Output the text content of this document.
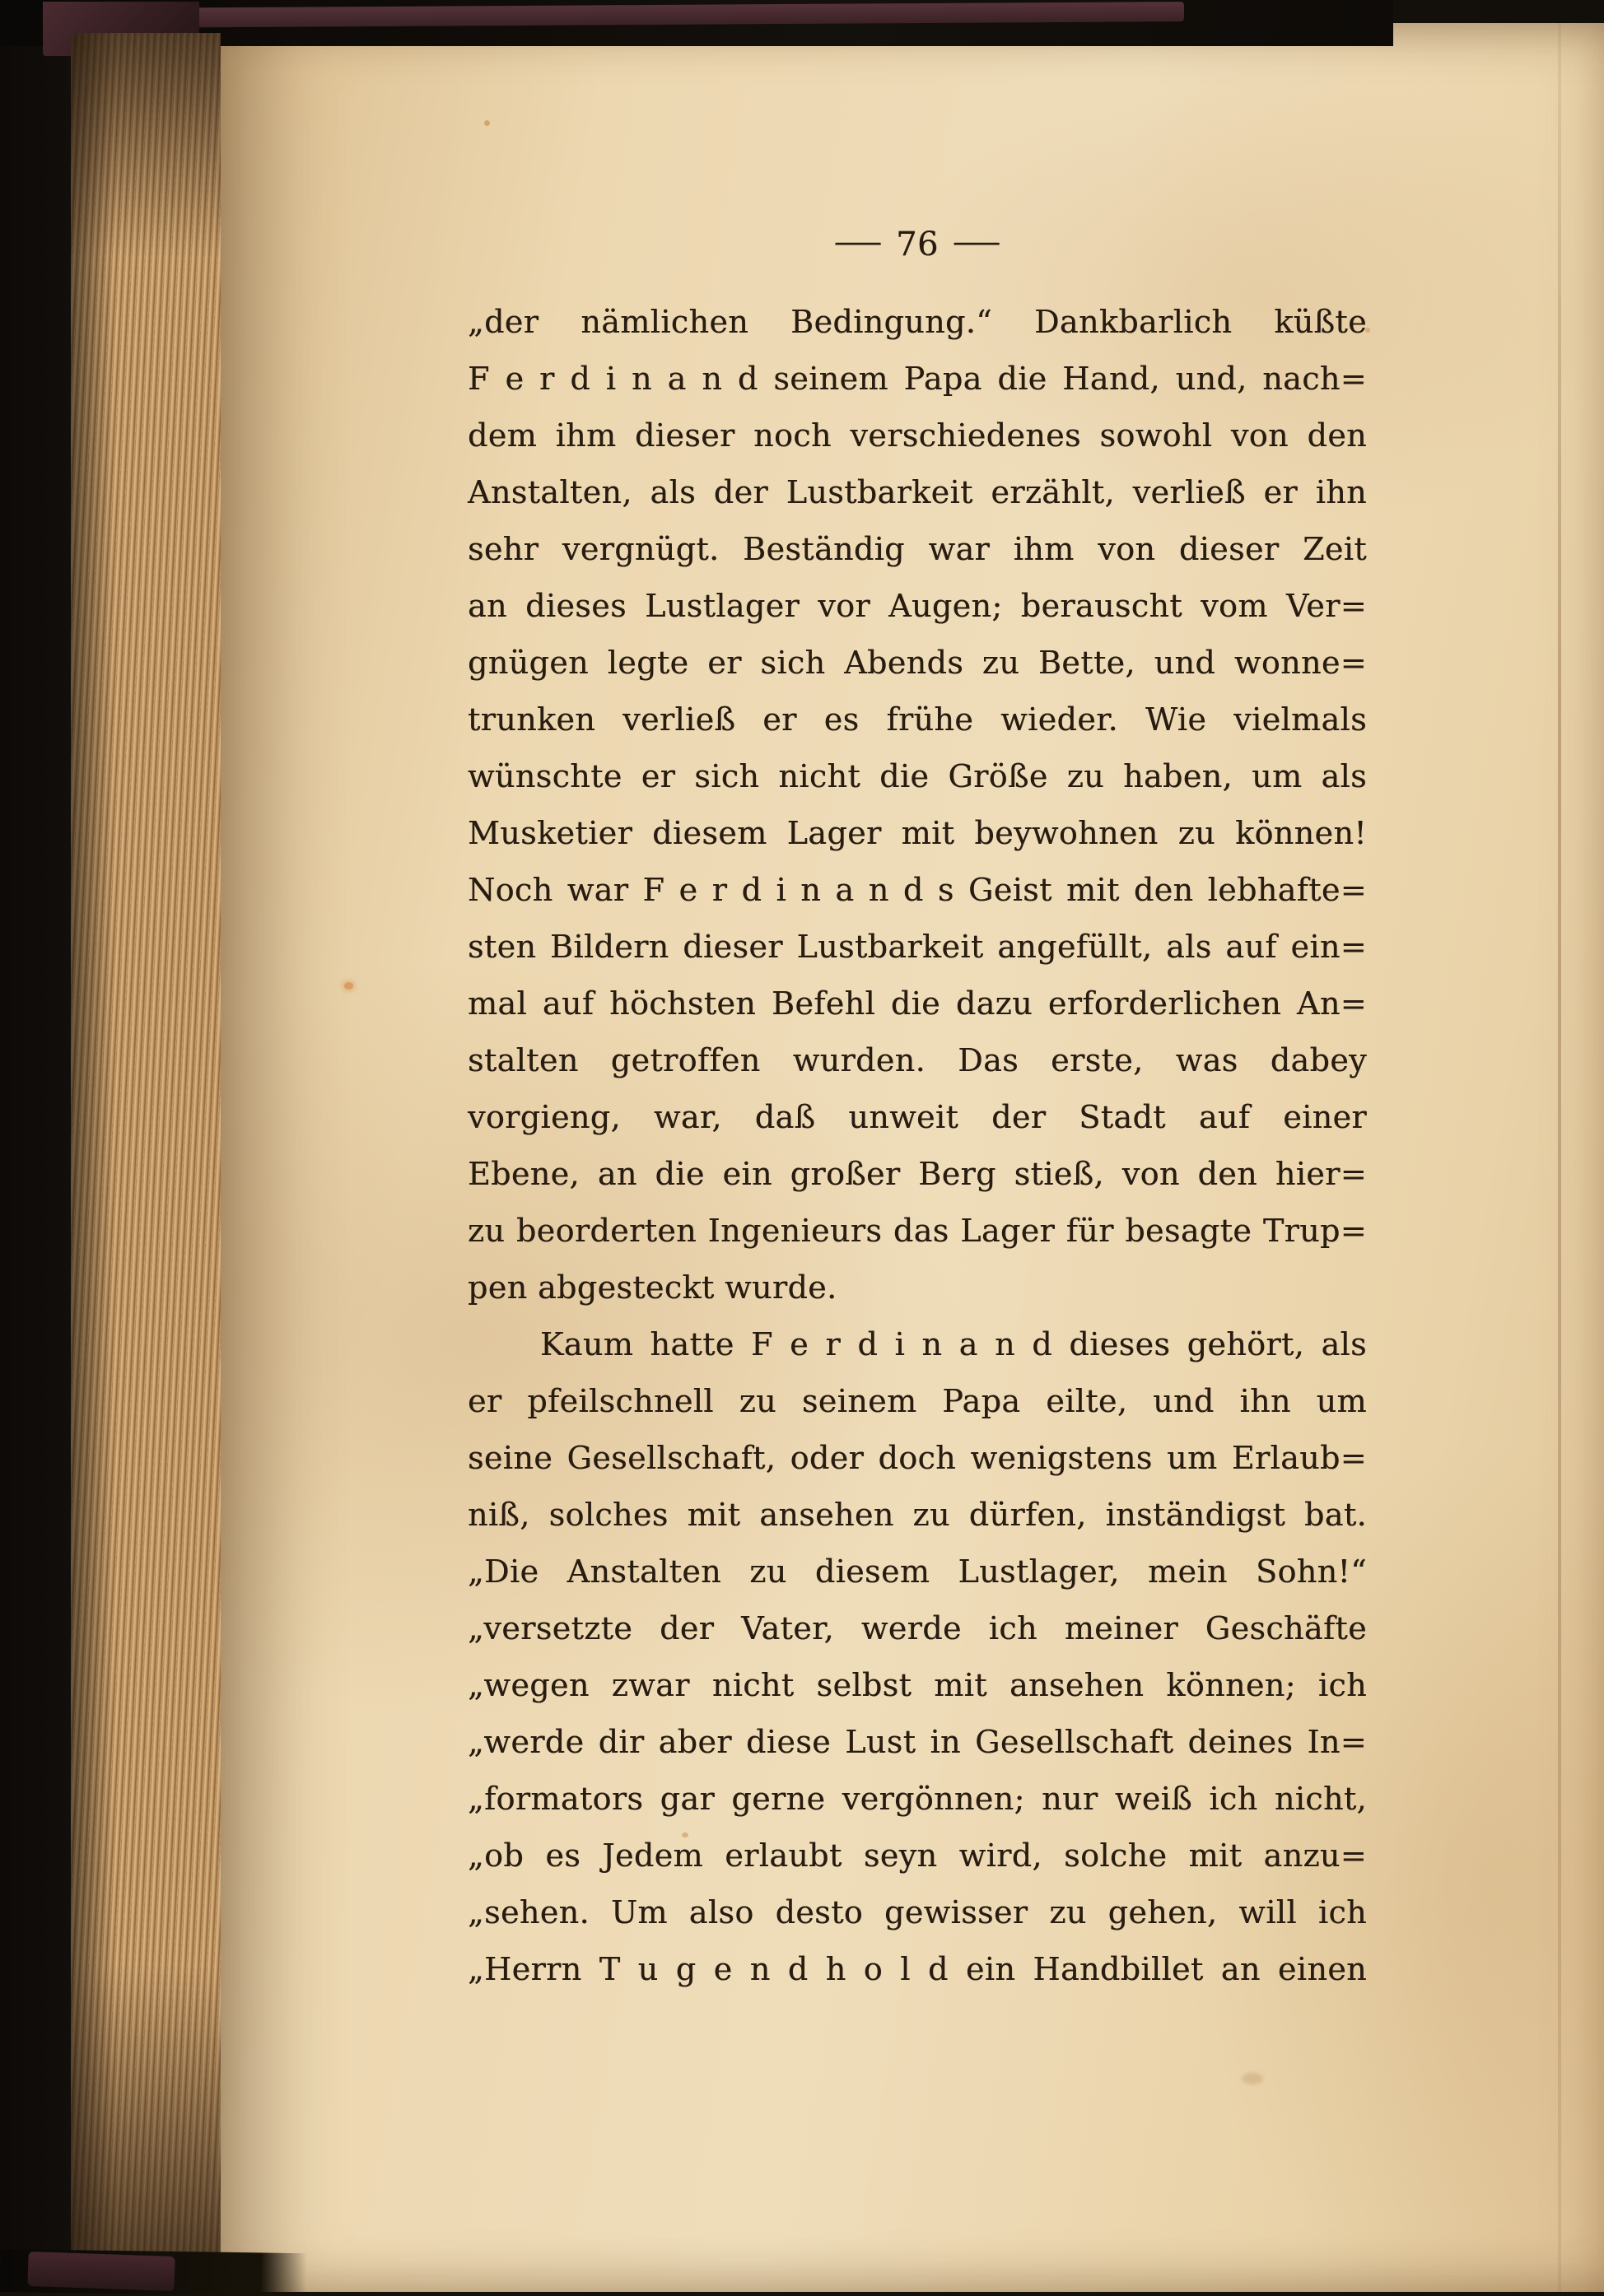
— 76 —
„der nämlichen Bedingung.“ Dankbarlich küßte
F e r d i n a n d seinem Papa die Hand, und, nach=
dem ihm dieser noch verschiedenes sowohl von den
Anstalten, als der Lustbarkeit erzählt, verließ er ihn
sehr vergnügt. Beständig war ihm von dieser Zeit
an dieses Lustlager vor Augen; berauscht vom Ver=
gnügen legte er sich Abends zu Bette, und wonne=
trunken verließ er es frühe wieder. Wie vielmals
wünschte er sich nicht die Größe zu haben, um als
Musketier diesem Lager mit beywohnen zu können!
Noch war F e r d i n a n d s Geist mit den lebhafte=
sten Bildern dieser Lustbarkeit angefüllt, als auf ein=
mal auf höchsten Befehl die dazu erforderlichen An=
stalten getroffen wurden. Das erste, was dabey
vorgieng, war, daß unweit der Stadt auf einer
Ebene, an die ein großer Berg stieß, von den hier=
zu beorderten Ingenieurs das Lager für besagte Trup=
pen abgesteckt wurde.
Kaum hatte F e r d i n a n d dieses gehört, als
er pfeilschnell zu seinem Papa eilte, und ihn um
seine Gesellschaft, oder doch wenigstens um Erlaub=
niß, solches mit ansehen zu dürfen, inständigst bat.
„Die Anstalten zu diesem Lustlager, mein Sohn!“
„versetzte der Vater, werde ich meiner Geschäfte
„wegen zwar nicht selbst mit ansehen können; ich
„werde dir aber diese Lust in Gesellschaft deines In=
„formators gar gerne vergönnen; nur weiß ich nicht,
„ob es Jedem erlaubt seyn wird, solche mit anzu=
„sehen. Um also desto gewisser zu gehen, will ich
„Herrn T u g e n d h o l d ein Handbillet an einen
